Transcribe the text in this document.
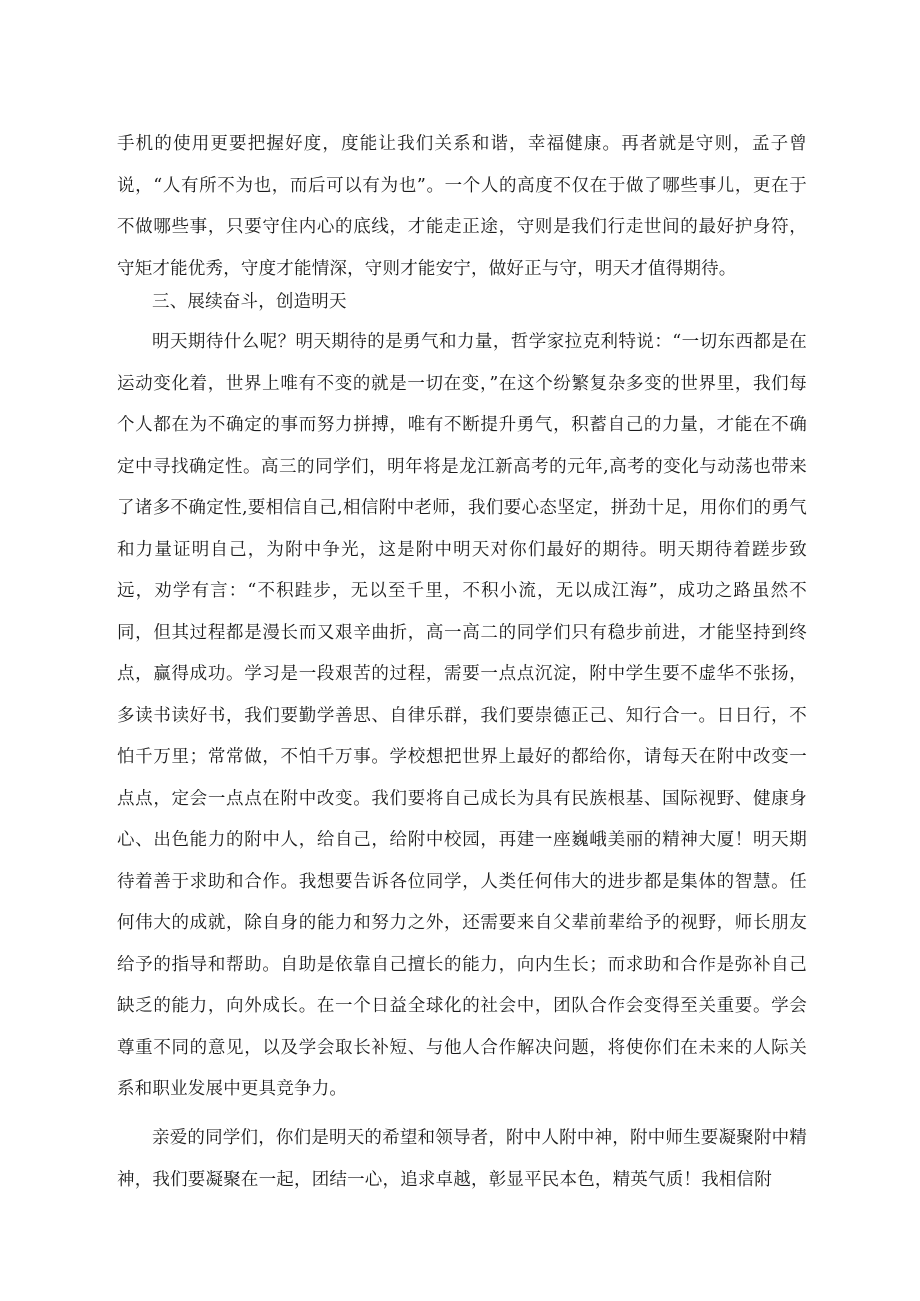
手机的使用更要把握好度，度能让我们关系和谐，幸福健康。再者就是守则，孟子曾说，“人有所不为也，而后可以有为也”。一个人的高度不仅在于做了哪些事儿，更在于不做哪些事，只要守住内心的底线，才能走正途，守则是我们行走世间的最好护身符，守矩才能优秀，守度才能情深，守则才能安宁，做好正与守，明天才值得期待。

三、展续奋斗，创造明天

明天期待什么呢？明天期待的是勇气和力量，哲学家拉克利特说：“一切东西都是在运动变化着，世界上唯有不变的就是一切在变，”在这个纷繁复杂多变的世界里，我们每个人都在为不确定的事而努力拼搏，唯有不断提升勇气，积蓄自己的力量，才能在不确定中寻找确定性。高三的同学们，明年将是龙江新高考的元年,高考的变化与动荡也带来了诸多不确定性,要相信自己,相信附中老师，我们要心态坚定，拼劲十足，用你们的勇气和力量证明自己，为附中争光，这是附中明天对你们最好的期待。明天期待着蹉步致远，劝学有言：“不积跬步，无以至千里，不积小流，无以成江海”，成功之路虽然不同，但其过程都是漫长而又艰辛曲折，高一高二的同学们只有稳步前进，才能坚持到终点，赢得成功。学习是一段艰苦的过程，需要一点点沉淀，附中学生要不虚华不张扬，多读书读好书，我们要勤学善思、自律乐群，我们要崇德正己、知行合一。日日行，不怕千万里；常常做，不怕千万事。学校想把世界上最好的都给你，请每天在附中改变一点点，定会一点点在附中改变。我们要将自己成长为具有民族根基、国际视野、健康身心、出色能力的附中人，给自己，给附中校园，再建一座巍峨美丽的精神大厦！明天期待着善于求助和合作。我想要告诉各位同学，人类任何伟大的进步都是集体的智慧。任何伟大的成就，除自身的能力和努力之外，还需要来自父辈前辈给予的视野，师长朋友给予的指导和帮助。自助是依靠自己擅长的能力，向内生长；而求助和合作是弥补自己缺乏的能力，向外成长。在一个日益全球化的社会中，团队合作会变得至关重要。学会尊重不同的意见，以及学会取长补短、与他人合作解决问题，将使你们在未来的人际关系和职业发展中更具竞争力。

亲爱的同学们，你们是明天的希望和领导者，附中人附中神，附中师生要凝聚附中精神，我们要凝聚在一起，团结一心，追求卓越，彰显平民本色，精英气质！我相信附
